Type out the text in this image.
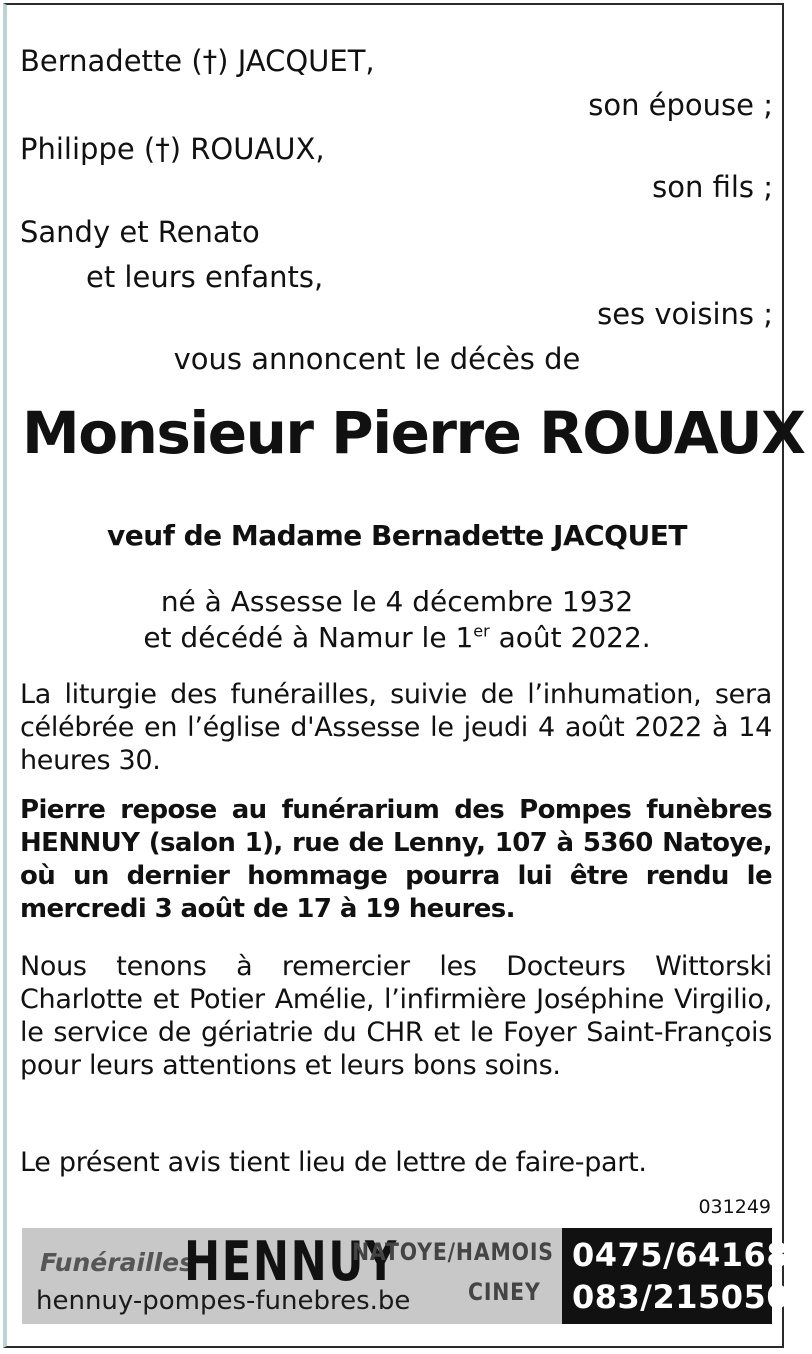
Bernadette (†) JACQUET,
son épouse ;
Philippe (†) ROUAUX,
son fils ;
Sandy et Renato
et leurs enfants,
ses voisins ;
vous annoncent le décès de
Monsieur Pierre ROUAUX
veuf de Madame Bernadette JACQUET
né à Assesse le 4 décembre 1932
et décédé à Namur le 1er août 2022.
La liturgie des funérailles, suivie de l’inhumation, sera célébrée en l’église d'Assesse le jeudi 4 août 2022 à 14 heures 30.
Pierre repose au funérarium des Pompes funèbres HENNUY (salon 1), rue de Lenny, 107 à 5360 Natoye, où un dernier hommage pourra lui être rendu le mercredi 3 août de 17 à 19 heures.
Nous tenons à remercier les Docteurs Wittorski Charlotte et Potier Amélie, l’infirmière Joséphine Virgilio, le service de gériatrie du CHR et le Foyer Saint-François pour leurs attentions et leurs bons soins.
Le présent avis tient lieu de lettre de faire-part.
031249
Funérailles
HENNUY
NATOYE/HAMOIS
CINEY
hennuy-pompes-funebres.be
0475/641682
083/215050
